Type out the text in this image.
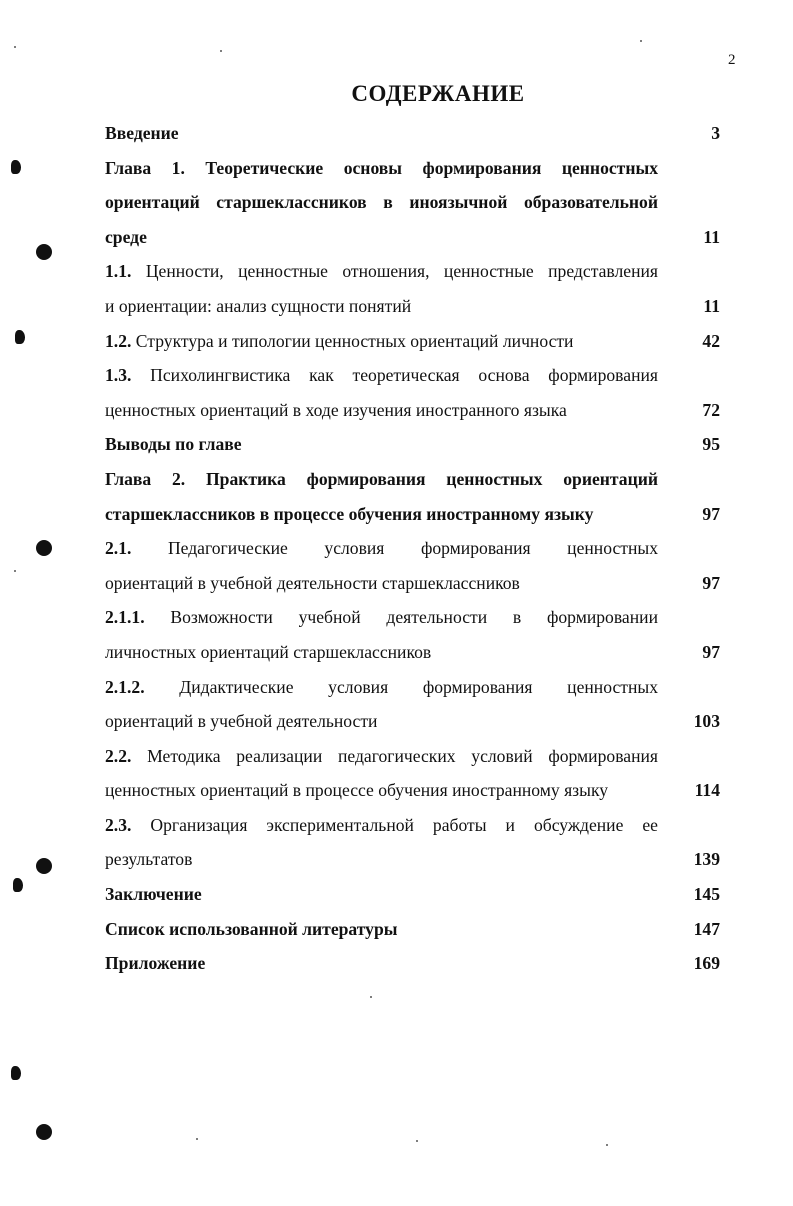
2
СОДЕРЖАНИЕ
Введение	3
Глава 1. Теоретические основы формирования ценностных
ориентаций старшеклассников в иноязычной образовательной
среде	11
1.1. Ценности, ценностные отношения, ценностные представления
и ориентации: анализ сущности понятий	11
1.2. Структура и типологии ценностных ориентаций личности	42
1.3. Психолингвистика как теоретическая основа формирования
ценностных ориентаций в ходе изучения иностранного языка	72
Выводы по главе	95
Глава 2. Практика формирования ценностных ориентаций
старшеклассников в процессе обучения иностранному языку	97
2.1. Педагогические условия формирования ценностных
ориентаций в учебной деятельности старшеклассников	97
2.1.1. Возможности учебной деятельности в формировании
личностных ориентаций старшеклассников	97
2.1.2. Дидактические условия формирования ценностных
ориентаций в учебной деятельности	103
2.2. Методика реализации педагогических условий формирования
ценностных ориентаций в процессе обучения иностранному языку	114
2.3. Организация экспериментальной работы и обсуждение ее
результатов	139
Заключение	145
Список использованной литературы	147
Приложение	169
